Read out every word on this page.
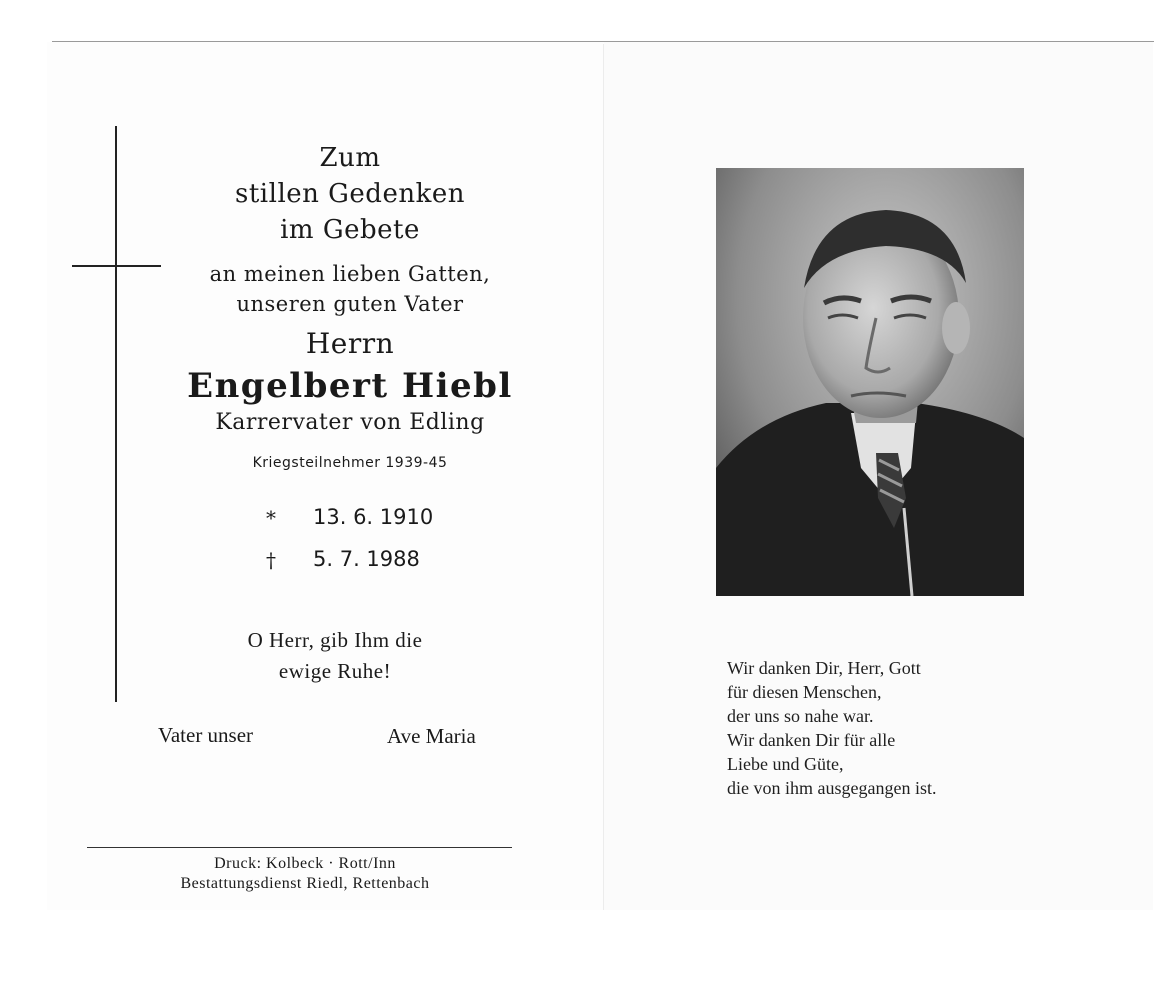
Zum
stillen Gedenken
im Gebete
an meinen lieben Gatten,
unseren guten Vater
Herrn
Engelbert Hiebl
Karrervater von Edling
Kriegsteilnehmer 1939-45
* 13. 6. 1910
† 5. 7. 1988
O Herr, gib Ihm die
ewige Ruhe!
Vater unser	Ave Maria
Druck: Kolbeck · Rott/Inn
Bestattungsdienst Riedl, Rettenbach
Wir danken Dir, Herr, Gott
für diesen Menschen,
der uns so nahe war.
Wir danken Dir für alle
Liebe und Güte,
die von ihm ausgegangen ist.
